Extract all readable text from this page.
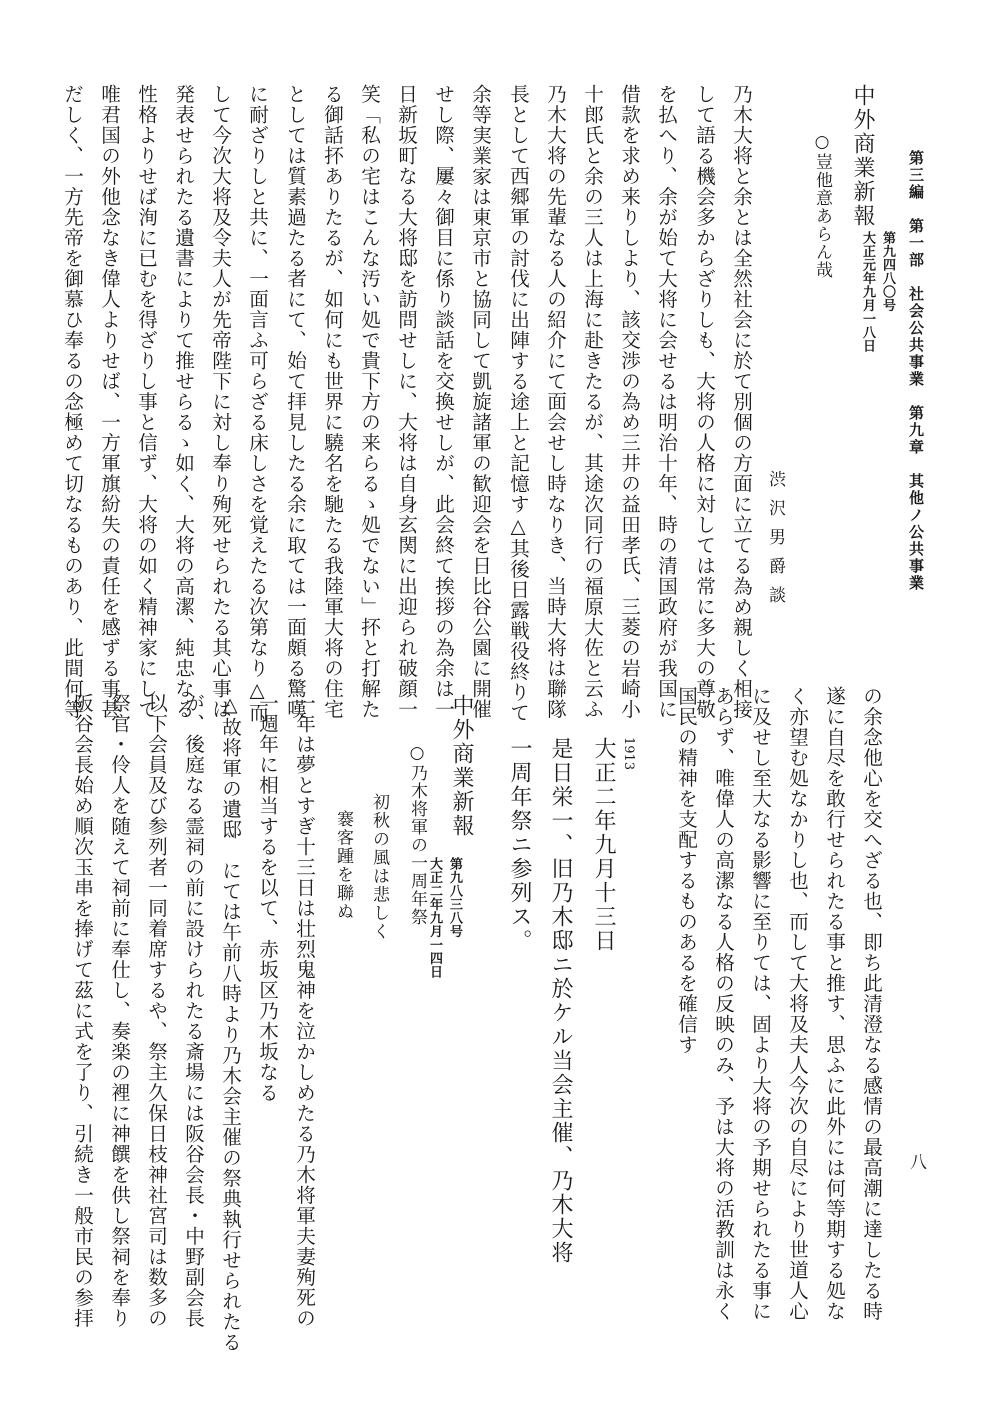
第三編　第一部　社会公共事業　第九章　其他ノ公共事業
八
中外商業新報
第九四八〇号
大正元年九月一八日
○豈他意あらん哉
渋沢男爵談
乃木大将と余とは全然社会に於て別個の方面に立てる為め親しく相接
して語る機会多からざりしも、大将の人格に対しては常に多大の尊敬
を払へり、余が始て大将に会せるは明治十年、時の清国政府が我国に
借款を求め来りしより、該交渉の為め三井の益田孝氏、三菱の岩崎小
十郎氏と余の三人は上海に赴きたるが、其途次同行の福原大佐と云ふ
乃木大将の先輩なる人の紹介にて面会せし時なりき、当時大将は聯隊
長として西郷軍の討伐に出陣する途上と記憶す△其後日露戦役終りて
余等実業家は東京市と協同して凱旋諸軍の歓迎会を日比谷公園に開催
せし際、屢々御目に係り談話を交換せしが、此会終て挨拶の為余は一
日新坂町なる大将邸を訪問せしに、大将は自身玄関に出迎られ破顔一
笑「私の宅はこんな汚い処で貴下方の来らるゝ処でない」抔と打解た
る御話抔ありたるが、如何にも世界に驍名を馳たる我陸軍大将の住宅
としては質素過たる者にて、始て拝見したる余に取ては一面頗る驚嘆
に耐ざりしと共に、一面言ふ可らざる床しさを覚えたる次第なり△而
して今次大将及令夫人が先帝陛下に対し奉り殉死せられたる其心事は
発表せられたる遺書によりて推せらるゝ如く、大将の高潔、純忠なる
性格よりせば洵に已むを得ざりし事と信ず、大将の如く精神家にして
唯君国の外他念なき偉人よりせば、一方軍旗紛失の責任を感ずる事甚
だしく、一方先帝を御慕ひ奉るの念極めて切なるものあり、此間何等
の余念他心を交へざる也、即ち此清澄なる感情の最高潮に達したる時
遂に自尽を敢行せられたる事と推す、思ふに此外には何等期する処な
く亦望む処なかりし也、而して大将及夫人今次の自尽により世道人心
に及せし至大なる影響に至りては、固より大将の予期せられたる事に
あらず、唯偉人の高潔なる人格の反映のみ、予は大将の活教訓は永く
国民の精神を支配するものあるを確信す
1913
大正二年九月十三日
是日栄一、旧乃木邸ニ於ケル当会主催、乃木大将
一周年祭ニ参列ス。
中外商業新報
第九八三八号
大正二年九月一四日
○乃木将軍の一周年祭
初秋の風は悲しく
褰客踵を聯ぬ
一年は夢とすぎ十三日は壮烈鬼神を泣かしめたる乃木将軍夫妻殉死の
一週年に相当するを以て、赤坂区乃木坂なる
△故将軍の遺邸　にては午前八時より乃木会主催の祭典執行せられたる
が、後庭なる霊祠の前に設けられたる斎場には阪谷会長・中野副会長
以下会員及び参列者一同着席するや、祭主久保日枝神社宮司は数多の
祭官・伶人を随えて祠前に奉仕し、奏楽の裡に神饌を供し祭祠を奉り
阪谷会長始め順次玉串を捧げて茲に式を了り、引続き一般市民の参拝
